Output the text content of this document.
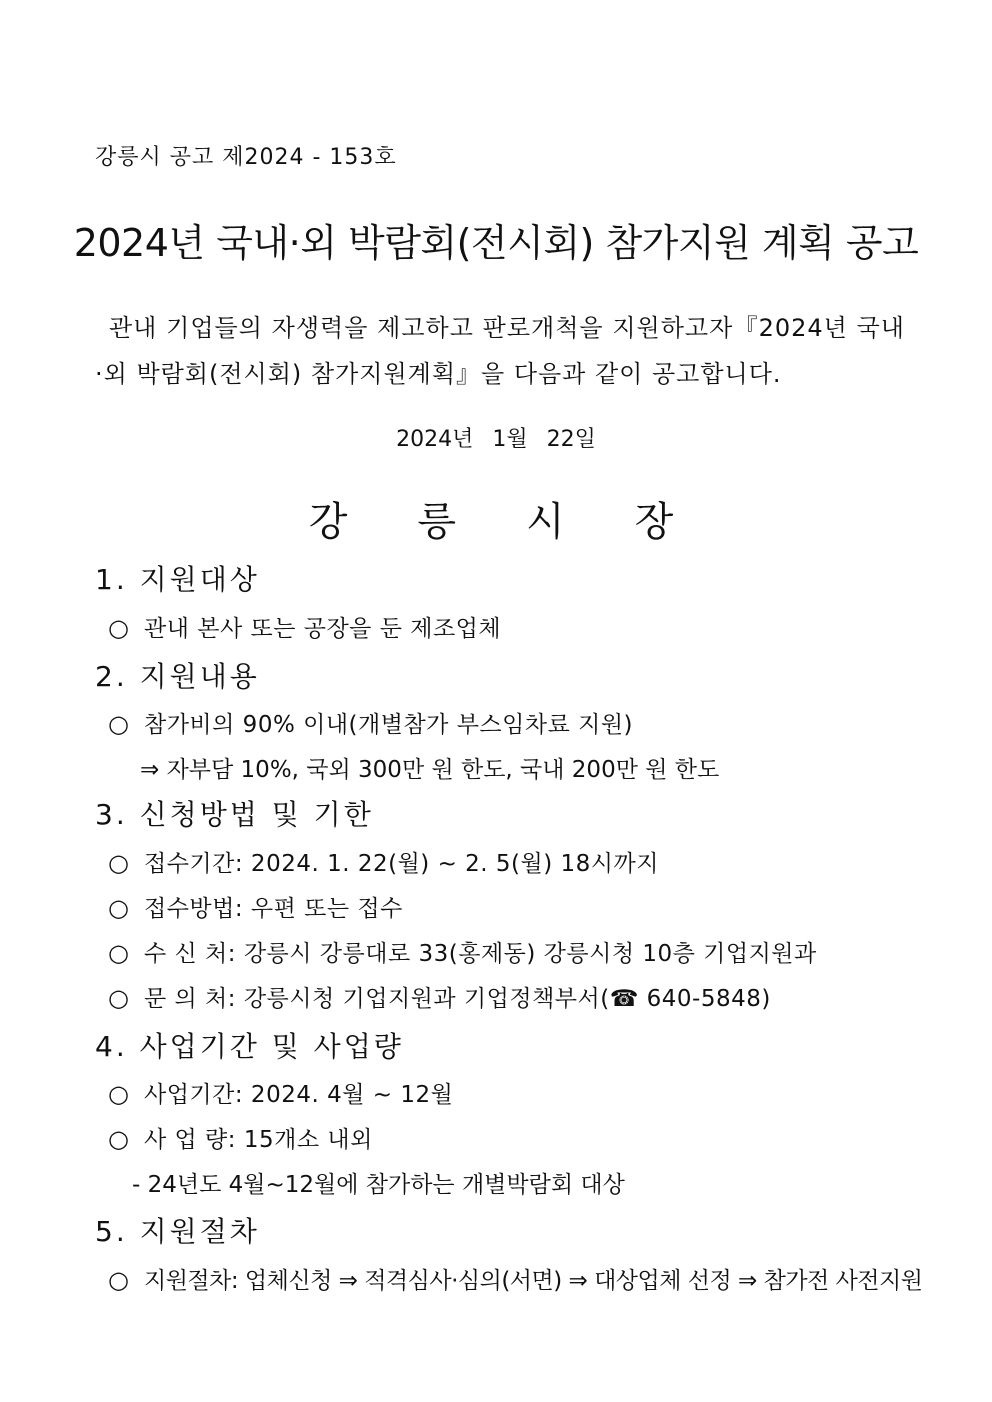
강릉시 공고 제2024 - 153호
2024년 국내·외 박람회(전시회) 참가지원 계획 공고
관내 기업들의 자생력을 제고하고 판로개척을 지원하고자『2024년 국내·외 박람회(전시회) 참가지원계획』을 다음과 같이 공고합니다.
2024년 1월 22일
강릉시장
1. 지원대상
○ 관내 본사 또는 공장을 둔 제조업체
2. 지원내용
○ 참가비의 90% 이내(개별참가 부스임차료 지원)
⇒ 자부담 10%, 국외 300만 원 한도, 국내 200만 원 한도
3. 신청방법 및 기한
○ 접수기간: 2024. 1. 22(월) ~ 2. 5(월) 18시까지
○ 접수방법: 우편 또는 접수
○ 수 신 처: 강릉시 강릉대로 33(홍제동) 강릉시청 10층 기업지원과
○ 문 의 처: 강릉시청 기업지원과 기업정책부서(☎ 640-5848)
4. 사업기간 및 사업량
○ 사업기간: 2024. 4월 ~ 12월
○ 사 업 량: 15개소 내외
- 24년도 4월~12월에 참가하는 개별박람회 대상
5. 지원절차
○ 지원절차: 업체신청 ⇒ 적격심사·심의(서면) ⇒ 대상업체 선정 ⇒ 참가전 사전지원
